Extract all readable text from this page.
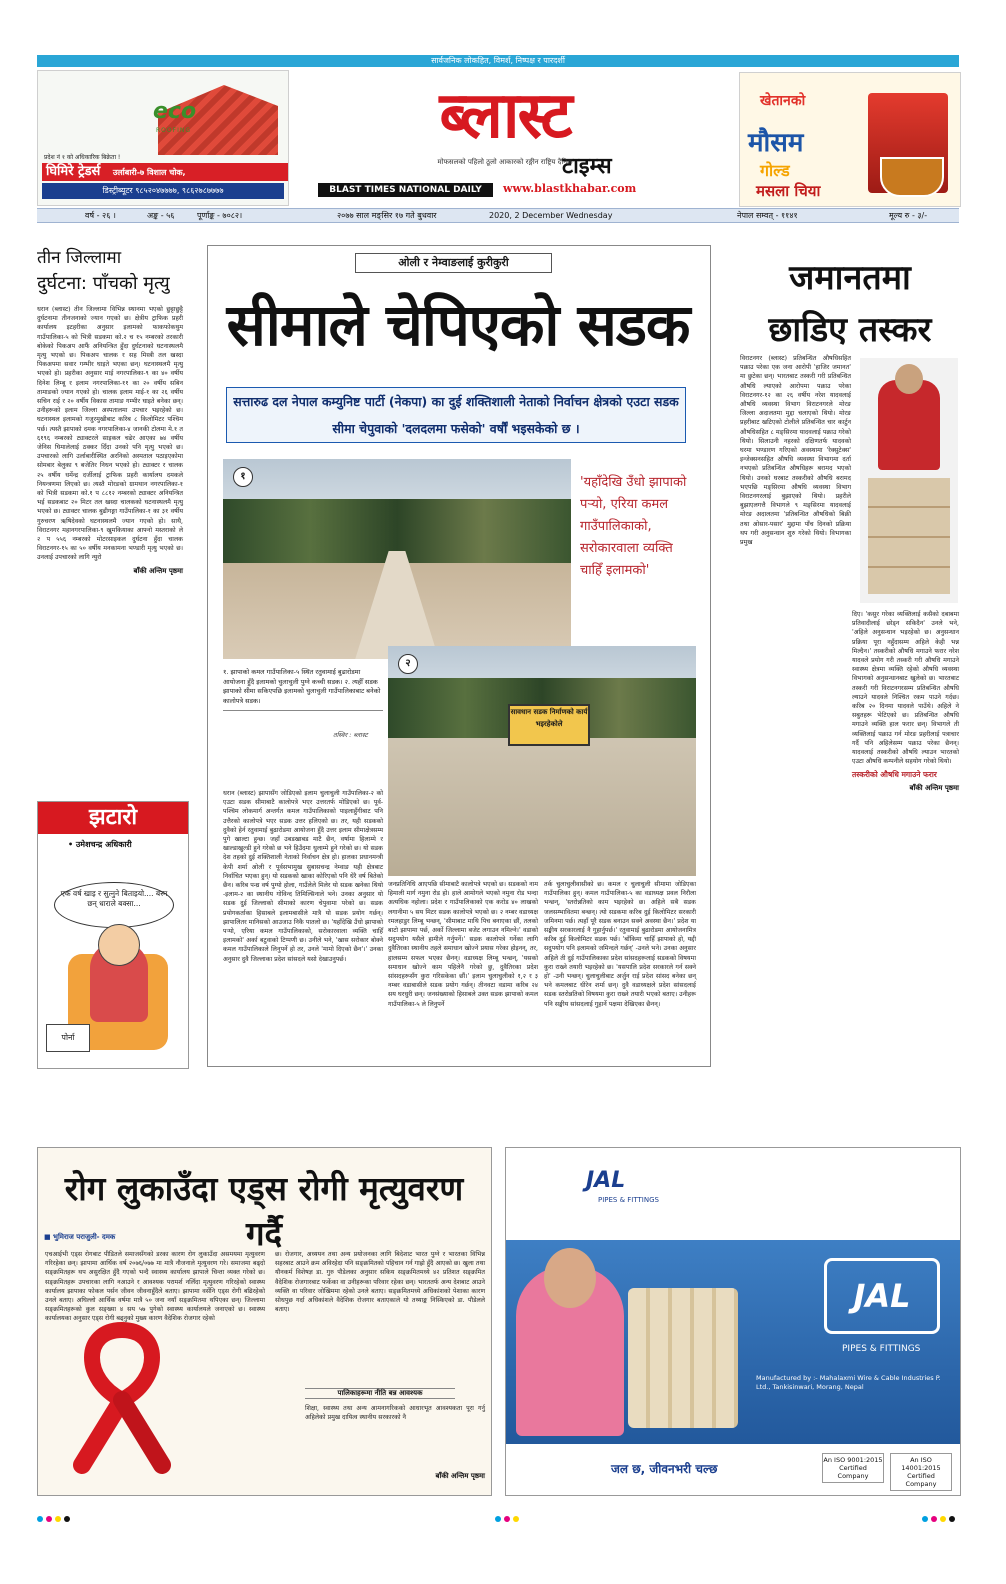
सार्वजनिक लोकहित, विमर्श, निष्पक्ष र पारदर्शी
eco
ROOFING
प्रदेश नं १ को अधिकारिक बिक्रेता !
घिमिरे ट्रेडर्स उर्लाबारी-७ विशाल चोक,
डिस्ट्रीब्यूटर ९८५२०४७७७७, ९८६२७८७७७७
ब्लास्ट
टाइम्स
मोफसलको पहिलो ठूलो आकारको रङ्गीन राष्ट्रिय दैनिक
BLAST TIMES NATIONAL DAILY	www.blastkhabar.com
खेतानको
मौसम
गोल्ड
मसला चिया
वर्ष - २६ ।	अङ्क - ५६	पूर्णाङ्क - ७०८२।	२०७७ साल मङ्सिर १७ गते बुधवार	2020, 2 December Wednesday	नेपाल सम्वत् - ११४१	मूल्य रु - ३/-
तीन जिल्लामा
दुर्घटना: पाँचको मृत्यु
धरान (ब्लास्ट) तीन जिल्लामा विभिन्न स्थानमा भएको छुट्टाछुट्टै दुर्घटनामा तीनजनाको ज्यान गएको छ। क्षेत्रीय ट्राफिक प्रहरी कार्यालय इटहरीका अनुसार इलामको फाकफोकथुम गाउँपालिका-५ को भित्री सडकमा को.२ च १५ नम्बरको तरकारी बोकेको पिकअप आफैं अनियन्त्रित हुँदा दुर्घटनाको घटनास्थलमै मृत्यु भएको छ। पिकअप चालक र सह मिस्त्री तल खस्दा पिकअपमा सवार गम्भीर घाइते भएका छन्। घटनास्थलमै मृत्यु भएको हो। प्रहरीका अनुसार माई नगरपालिका-९ का ४० वर्षीय दिनेश लिम्बू र इलाम नगरपालिका-११ का २० वर्षीय सबिन तामाङको ज्यान गएको हो। चालक इलाम माई-१ का २६ वर्षीय सचिन राई र २० वर्षीय विकास तामाङ गम्भीर घाइते बनेका छन्। उनीहरूको इलाम जिल्ला अस्पतालमा उपचार भइरहेको छ। घटनास्थल इलामको गजुरमुखीबाट करिब ८ किलोमिटर पश्चिम पर्छ। त्यस्तै झापाको दमक नगरपालिका-४ जानकी टोलमा मे.१ त ६१९६ नम्बरको ट्याक्टरले साइकल चढेर आएका ७४ वर्षीय जेनिस घिमालेलाई ठक्कर दिँदा उनको पनि मृत्यु भएको छ। उपचारको लागि उर्लाबारीस्थित अरनिको अस्पताल पठाइएकोमा सोमबार बेलुका ९ बजेतिर निधन भएको हो। ट्याक्टर र चालक २५ वर्षीय धर्मेन्द्र दर्जीलाई ट्राफिक प्रहरी कार्यालय दमकले नियन्त्रणमा लिएको छ। त्यस्तै मोरङको ग्रामथान नगरपालिका-१ को भित्री सडकमा को.१ प ८८१२ नम्बरको ट्याक्टर अनियन्त्रित भई सडकबाट २० मिटर तल खस्दा चालकको घटनास्थलमै मृत्यु भएको छ। ट्याक्टर चालक बुढीगङ्गा गाउँपालिका-१ का ३१ वर्षीय गुरुचरण ऋषिदेवको घटनास्थलमै ज्यान गएको हो। साथै, विराटनगर महानगरपालिका-९ खुमकियाका आफ्नो मस्तराको ले २ प ५५६ नम्बरको मोटरसाइकल दुर्घटना हुँदा चालक विराटनगर-१५ का ५० वर्षीय मनकामना भण्डारी मृत्यु भएको छ। उनलाई उपचारको लागि न्युरो
बाँकी अन्तिम पृष्ठमा
झटारो
• उमेशचन्द्र अधिकारी
एक वर्ष खाइ र सुत्नुने बिताइयो.... बस्न छन् धाराले बक्सा...
पोर्ना
ओली र नेम्वाङलाई कुरीकुरी
सीमाले चेपिएको सडक
सत्तारुढ दल नेपाल कम्युनिष्ट पार्टी (नेकपा) का दुई शक्तिशाली नेताको निर्वाचन क्षेत्रको एउटा सडक सीमा चेपुवाको 'दलदलमा फसेको' वर्षौं भइसकेको छ ।
१	'यहाँदेखि उँधो झापाको पऱ्यो, एरिया कमल गाउँपालिकाको, सरोकारवाला व्यक्ति चाहिँ इलामको'
सावधान सडक निर्माणको कार्य भइरहेकोले
२
१. झापाको कमल गाउँपालिका-५ स्थित रतुवामाई बुढारोडमा आयोजना हुँदै इलामको चुलाचुली पुग्ने कच्ची सडक। २. त्यहीँ सडक झापाको सीमा सकिएपछि इलामको चुलाचुली गाउँपालिकाबाट बनेको कालोपत्रे सडक।
तस्विर : ब्लास्ट
धरान (ब्लास्ट) झापासँग जोडिएको इलाम चुलाचुली गाउँपालिका-२ को एउटा सडक सीमाबाटै कालोपत्रे भएर उत्तरतर्फ मोडिएको छ। पूर्व-पश्चिम लोकमार्ग अन्तर्गत कमल गाउँपालिकाको पाइलाहुँगीबाट पनि उत्तैरको कालोपत्रे भएर सडक उत्तर हलिएको छ। तर, यही सडकको दुवैको हेर्न रतुवामाई बुढारोडमा आयोजना हुँदै उत्तर इलाम सीमाक्षेत्रसम्म पुगे खाल्टा हुन्छ। जहाँ उबडखाबड माटै छैन, वर्षामा हिलाम्मे र खाल्डाखुल्डी हुने गरेको छ भने हिउँदमा धुलाम्मे हुने गरेको छ। यो सडक देश तहको दुई शक्तिशाली नेताको निर्वाचन क्षेत्र हो। हालका प्रधानमन्त्री केपी शर्मा ओली र पूर्वसभामुख सुबासचन्द्र नेम्वाङ यही क्षेत्रबाट निर्वाचित भएका हुन्। यो सडकको खाका कोरिएको पनि धेरै वर्ष बितेको छैन। करिब पन्ध्र वर्ष पुग्यो होला, गाउँलेले मिलेर यो सडक खनेका थियो -इलाम-२ का स्थानीय गोविन्द तिमिल्सिनाले भने। उनका अनुसार यो सडक दुई जिल्लाको सीमाको कारण चेपुवामा परेको छ। सडक प्रयोगकर्ताका हिसाबले इलामबासीले मात्रै यो सडक प्रयोग गर्छन्। झापालितर मानिसको आउजाउ निकै पातलो छ। 'यहाँदेखि उँधो झापाको पऱ्यो, एरिया कमल गाउँपालिकाको, सरोकारवाला व्यक्ति चाहिँ इलामको' अर्का बटुवाको टिप्पणी छ। उनीले भने, 'खास सरोकार बोक्ने कमल गाउँपालिकाले लिनुपर्ने हो तर, उनले 'मामो दिएको छैन'।' उनका अनुसार दुवै जिल्लाका प्रदेश सांसदले यसो देखाउनुपर्छ।
जनप्रतिनिधि आएपछि सीमाबाटै कालोपत्रे भएको छ। सडकको नाम हिमाली मार्ग नमुना रोड हो। हाले आमोगले भएको नमुना रोड भन्दा अत्यधिक नहोला। प्रदेश र गाउँपालिकाको एक करोड ४० लाखको लगानीमा ५ सय मिटर सडक कालोपत्रे भएको छ। २ नम्बर वडाध्यक्ष रमलहाडुर लिम्बू भन्छन्, 'सीमाबाट माथि पिच बनाएका छौं, तलको बाटो झापामा पर्छ, अर्को जिल्लामा बजेट लगाउन नमिल्ने।' वडाको सदुपयोग यसैले हामीले गर्नुपर्ने।' सडक कालोपत्रे गर्नेका लागि दुवैतिरका स्थानीय तहले समाधान खोज्ने प्रयास गरेका होइनन्, तर, हालसम्म सफल भएका छैनन्। वडाध्यक्ष लिम्बू भन्छन्, 'यसको समाधान खोज्ने काम पहिलेनै गरेको छु, दुवैतिरका प्रदेश सांसदहरूसँग कुरा गरिसकेका छौं।' इलाम चुलाचुलीको १,२ र ३ नम्बर वडाबासीले सडक प्रयोग गर्छन्। तीनवटा वडामा करिब २४ सय घरधुरी छन्। जनसंख्याको हिसाबले उक्त सडक झापाको कमल गाउँपालिका-५ ले लिनुपर्ने
तर्क चुलाचुलीवासीको छ। कमल र चुलाचुली सीमामा जोडिएका गाउँपालिका हुन्। कमल गाउँपालिका-५ का वडाध्यक्ष प्रवल निरौला भन्छन्, 'स्तरोन्नतिको काम भइरहेको छ। अहिले सबै सडक जलसम्भावितमा बन्छन्। त्यो सडकमा करिब दुई किलोमिटर सरकारी जमिनमा पर्छ। त्यहाँ पूरै सडक बनाउन सक्ने अवस्था छैन।' प्रदेश या सङ्घीय सरकारलाई नै गुहार्नुपर्छ।' रतुवामाई बुढारोडमा आयोजनामित्र करिब दुई किलोमिटर सडक पर्छ। 'बाँकिमा चाहिँ झापाको हो, यद्दी सदुपयोग पनि इलामको जमिन्दले गर्छन्' -उनले भने। उनका अनुसार अहिले ती दुई गाउँपालिकाका प्रदेश सांसदहरूलाई सडकको विषयमा कुरा राख्ने तयारी भइरहेको छ। 'यसपालि प्रदेश सरकारले गर्न सक्ने हो' -उनी भन्छन्। चुलाचुलीबाट अर्जुन राई प्रदेश सांसद बनेका छन् भने कमलबाट धीरेन शर्मा छन्। दुवै वडाध्यक्षले प्रदेश सांसदलाई सडक स्तरोन्नतिको विषयमा कुरा राख्ने तयारी भएको बताए। उनीहरू पनि सङ्घीय सांसदलाई गुहार्ने पक्षमा देखिएका छैनन्।
जमानतमा
छाडिए तस्कर
विराटनगर (ब्लास्ट) प्रतिबन्धित औषधिसहित पक्राउ परेका एक जना आरोपी 'हाजिर जमानत' मा छुटेका छन्। भारतबाट तस्करी गरी प्रतिबन्धित औषधि ल्याएको आरोपमा पक्राउ परेका विराटनगर-१२ का २६ वर्षीय नरेश यादवलाई औषधि व्यवस्था विभाग विराटनगरले मोरङ जिल्ला अदालतमा मुद्दा चलाएको थियो। मोरङ प्रहरीबाट खटिएको टोलीले प्रतिबन्धित चार कार्टुन औषधिसहित ८ मङ्सिरमा यादवलाई पक्राउ गरेको थियो। सिलाउनी नहरको दक्षिणतर्फ यादवको घरमा भण्डारण गरिएको अवस्थामा 'रेक्सुटेक्स' इन्जेक्सनसहित औषधि व्यवस्था विभागमा दर्ता नभएको प्रतिबन्धित औषधिहरू बरामद भएको थियो। उनको घरबाट तस्करीको औषधि बरामद भएपछि मङ्सिरमा औषधि व्यवस्था विभाग विराटनगरलाई बुझाएको थियो। प्रहरीले बुझाएलगत्तै विभागले ९ मङ्सिरमा यादवलाई मोरङ अदालतमा 'प्रतिबन्धित औषधिको बिक्री तथा ओसार-पसार' मुद्दामा पाँच दिनको प्रक्रिया थप गरी अनुसन्धान शुरु गरेको थियो। विभागका प्रमुख
दिए। 'कसुर गरेका व्यक्तिलाई कसैको दबाबमा प्रतिवादीलाई छोड्न सकिदैन' उनले भने, 'अहिले अनुसन्धान भइरहेको छ। अनुसन्धान प्रक्रिया पूरा नहुँदासम्म अहिले केही भन्न मिल्दैन।' तस्करीको औषधि मगाउने फरार नरेश यादवले प्रयोग गरी तस्करी गरी औषधि मगाउने स्वास्थ्य क्षेत्रमा व्यक्ति रहेको औषधि व्यवस्था विभागको अनुसन्धानबाट खुलेको छ। भारतबाट तस्करी गरी विराटनगरसम्म प्रतिबन्धित औषधि ल्याउने यादवले निश्चित रकम पाउने गर्दछ। करिब २० दिनमा यादवले पाउँथे। अहिले ने सबुतहरू भेटिएको छ। प्रतिबन्धित औषधि मगाउने व्यक्ति हाल फरार छन्। विभागले ती व्यक्तिलाई पक्राउ गर्न मोरङ प्रहरीलाई पत्राचार गर्दै पनि अहिलेसम्म पक्राउ परेका छैनन्। यादवलाई तस्करीको औषधि ल्याउन भारतको एउटा औषधि कम्पनीले सहयोग गरेको थियो।
तस्करीको औषधि मगाउने फरार
बाँकी अन्तिम पृष्ठमा
रोग लुकाउँदा एड्स रोगी मृत्युवरण गर्दै
■ भुमिराज पराजुली- दमक
एचआईभी एड्स रोगबाट पीडितले समाजसँगको डरका कारण रोग लुकाउँदा असमयमा मृत्युवरण गरिरहेका छन्। झापामा आर्थिक वर्ष २०७६/०७७ मा मात्रै नौजनाले मृत्युवरण गरे। समाजमा बढ्दो सङ्क्रमितहरू थप असुरक्षित हुँदै गएको भन्दै स्वास्थ्य कार्यालय झापाले चिन्ता व्यक्त गरेको छ। सङ्क्रमितहरू उपचारका लागि नआउने र आवश्यक परामर्श नलिँदा मृत्युवरण गरिरहेको स्वास्थ्य कार्यालय झापाका फोकल पर्सन जीवन जीवनाहुँदैले बताए। झापामा वर्सेनि एड्स रोगी बढिरहेको उनले बताए। अघिल्लो आर्थिक वर्षमा मात्रै ५० जना नयाँ सङ्क्रमितमा थपिएका छन्। जिल्लामा सङ्क्रमितहरूको कुल सङ्ख्या ४ सय ५७ पुगेको स्वास्थ्य कार्यालयले जनाएको छ। स्वास्थ्य कार्यालयका अनुसार एड्स रोगी बढ्नुको मुख्य कारण वैदेशिक रोजगार रहेको
छ। रोजगार, अध्ययन तथा अन्य प्रयोजनका लागि बिदेशाट भारत पुग्ने र भारतका विभिन्न सहरबाट आउने क्रम अविरहेदा पनि सङ्क्रमितको पहिचान गर्न गाह्रो हुँदै आएको छ। खुला तथा यौनकर्म विशेषज्ञ डा. गुरु पौडेलका अनुसार सकिय सङ्क्रमितमध्ये ४२ प्रतिशत सङ्क्रमित वैदेशिक रोजगारबाट फर्केका वा उनीहरूका परिवार रहेका छन्। भारततर्फ अन्य देशबाट आउने व्यक्ति वा परिवार जोखिममा रहेको उनले बताए। सङ्क्रमितमध्ये अधिकांशको पेशाका कारण सोधपुछ गर्दा अधिकांशले वैदेशिक रोजगार बताएकाले यो तथ्याङ्क निस्किएको डा. पौडेलले बताए।
पालिकाहरूमा नीति बन्न आवश्यक
शिक्षा, स्वास्थ्य तथा अन्य आमनागरिकको आधारभूत आवश्यकता पूरा गर्नु अहिलेको प्रमुख दायित्व स्थानीय सरकारको नै
बाँकी अन्तिम पृष्ठमा
JAL
PIPES & FITTINGS
JAL
PIPES & FITTINGS
Manufactured by :- Mahalaxmi Wire & Cable Industries P. Ltd., Tankisinwari, Morang, Nepal
जल छ, जीवनभरी चल्छ
An ISO 9001:2015 Certified Company
An ISO 14001:2015 Certified Company
